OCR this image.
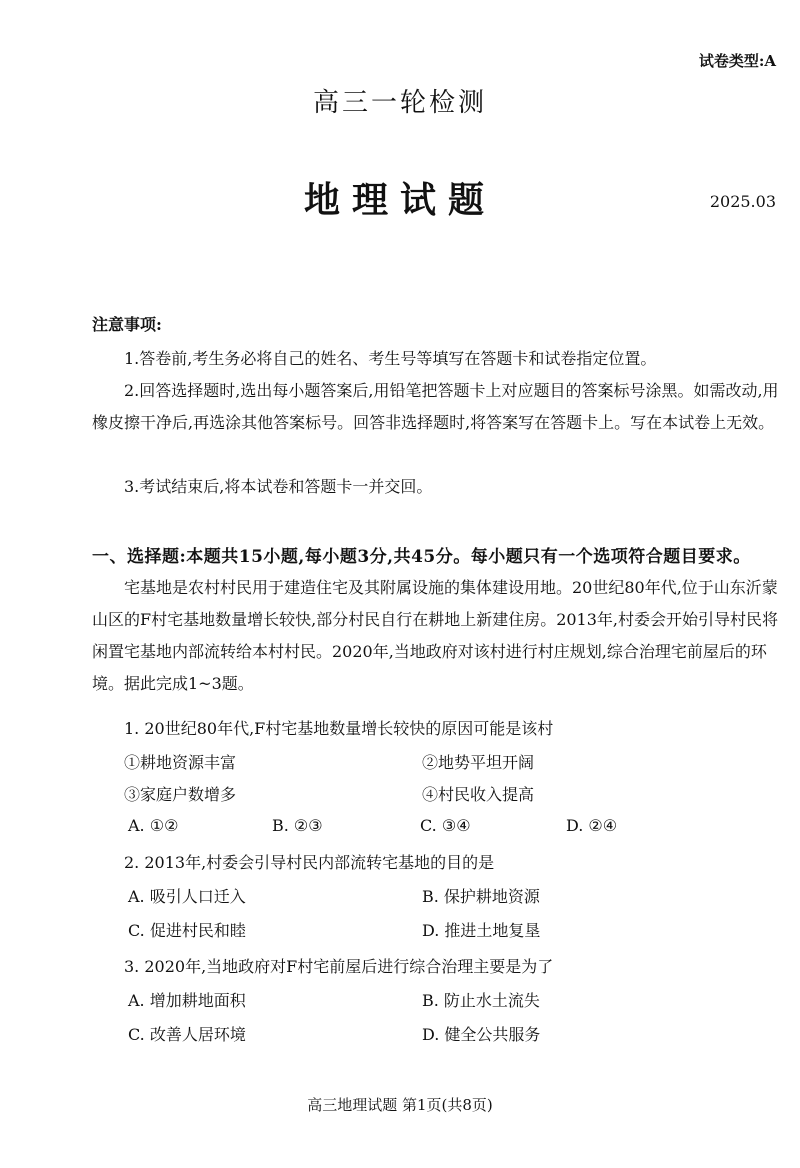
试卷类型:A
高三一轮检测
地理试题	2025.03
注意事项:
1.答卷前,考生务必将自己的姓名、考生号等填写在答题卡和试卷指定位置。
2.回答选择题时,选出每小题答案后,用铅笔把答题卡上对应题目的答案标号涂黑。如需改动,用橡皮擦干净后,再选涂其他答案标号。回答非选择题时,将答案写在答题卡上。写在本试卷上无效。
3.考试结束后,将本试卷和答题卡一并交回。
一、选择题:本题共15小题,每小题3分,共45分。每小题只有一个选项符合题目要求。
宅基地是农村村民用于建造住宅及其附属设施的集体建设用地。20世纪80年代,位于山东沂蒙山区的F村宅基地数量增长较快,部分村民自行在耕地上新建住房。2013年,村委会开始引导村民将闲置宅基地内部流转给本村村民。2020年,当地政府对该村进行村庄规划,综合治理宅前屋后的环境。据此完成1~3题。
1. 20世纪80年代,F村宅基地数量增长较快的原因可能是该村
①耕地资源丰富	②地势平坦开阔
③家庭户数增多	④村民收入提高
A. ①②	B. ②③	C. ③④	D. ②④
2. 2013年,村委会引导村民内部流转宅基地的目的是
A. 吸引人口迁入	B. 保护耕地资源
C. 促进村民和睦	D. 推进土地复垦
3. 2020年,当地政府对F村宅前屋后进行综合治理主要是为了
A. 增加耕地面积	B. 防止水土流失
C. 改善人居环境	D. 健全公共服务
高三地理试题 第1页(共8页)
